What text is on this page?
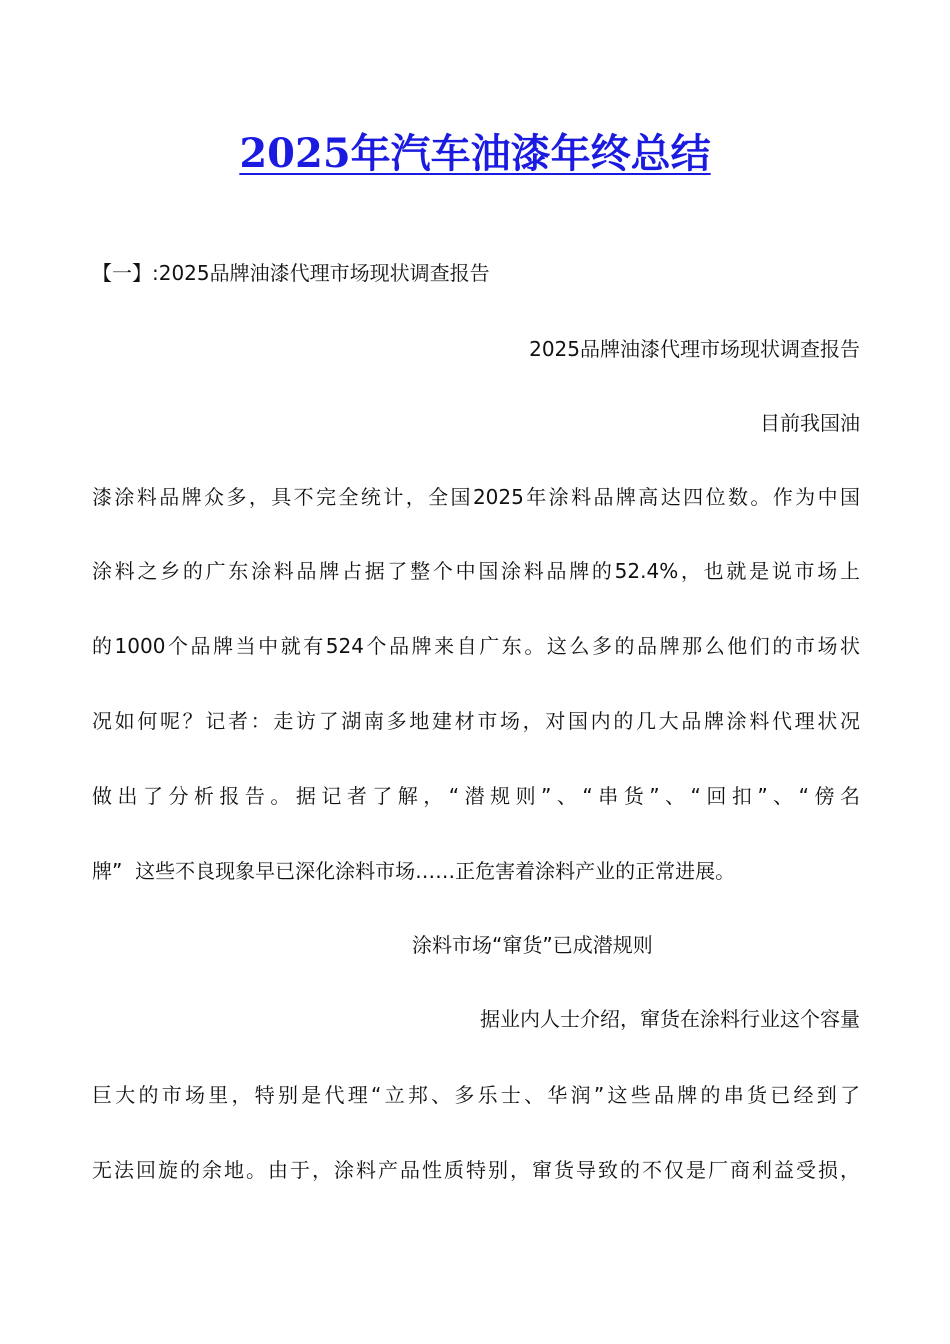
2025年汽车油漆年终总结
【一】:2025品牌油漆代理市场现状调查报告
2025品牌油漆代理市场现状调查报告
目前我国油
漆涂料品牌众多，具不完全统计，全国2025年涂料品牌高达四位数。作为中国
涂料之乡的广东涂料品牌占据了整个中国涂料品牌的52.4%，也就是说市场上
的1000个品牌当中就有524个品牌来自广东。这么多的品牌那么他们的市场状
况如何呢？记者：走访了湖南多地建材市场，对国内的几大品牌涂料代理状况
做出了分析报告。据记者了解，“潜规则”、“串货”、“回扣”、“傍名
牌”  这些不良现象早已深化涂料市场……正危害着涂料产业的正常进展。
涂料市场“窜货”已成潜规则
据业内人士介绍，窜货在涂料行业这个容量
巨大的市场里，特别是代理“立邦、多乐士、华润”这些品牌的串货已经到了
无法回旋的余地。由于，涂料产品性质特别，窜货导致的不仅是厂商利益受损，
